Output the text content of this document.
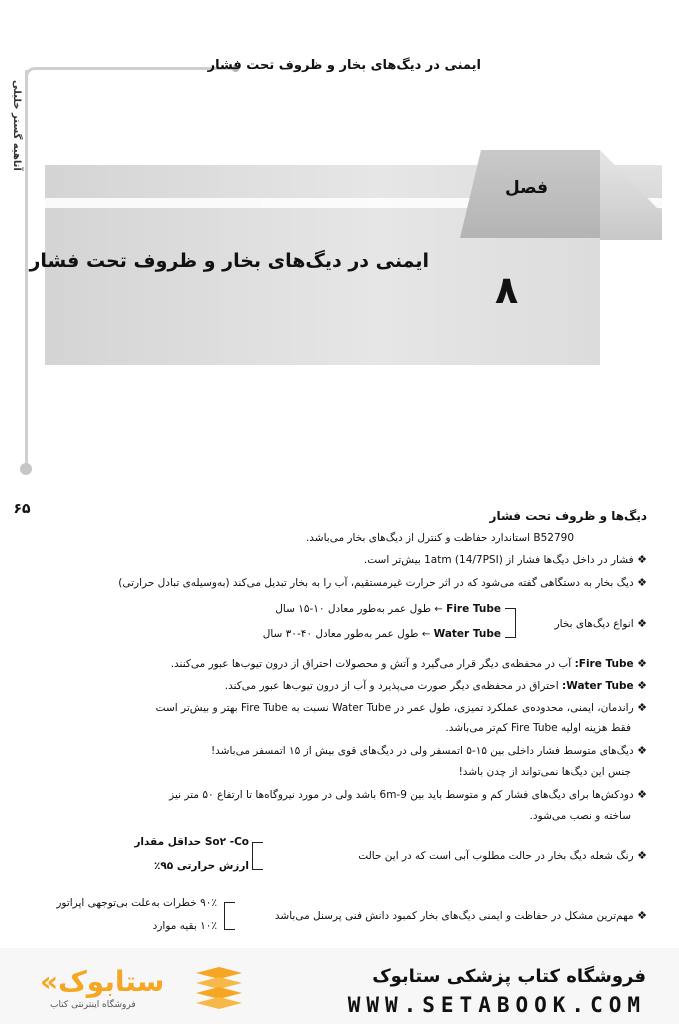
ایمنی در دیگ‌های بخار و ظروف تحت فشار
آتاهیه گستر خلیلی
فصل
۸
ایمنی در دیگ‌های بخار و ظروف تحت فشار
۶۵	دیگ‌ها و ظروف تحت فشار
B52790 استاندارد حفاظت و کنترل از دیگ‌های بخار می‌باشد.
❖ فشار در داخل دیگ‌ها فشار از 1atm (14/7PSI) بیش‌تر است.
❖ دیگ بخار به دستگاهی گفته می‌شود که در اثر حرارت غیرمستقیم، آب را به بخار تبدیل می‌کند (به‌وسیله‌ی تبادل حرارتی)
❖ انواع دیگ‌های بخار
Fire Tube ← طول عمر به‌طور معادل ۱۰-۱۵ سال
Water Tube ← طول عمر به‌طور معادل ۴۰-۳۰ سال
❖ Fire Tube: آب در محفظه‌ی دیگر قرار می‌گیرد و آتش و محصولات احتراق از درون تیوب‌ها عبور می‌کنند.
❖ Water Tube: احتراق در محفظه‌ی دیگر صورت می‌پذیرد و آب از درون تیوب‌ها عبور می‌کند.
❖ راندمان، ایمنی، محدوده‌ی عملکرد تمیزی، طول عمر در Water Tube نسبت به Fire Tube بهتر و بیش‌تر است
فقط هزینه اولیه Fire Tube کم‌تر می‌باشد.
❖ دیگ‌های متوسط فشار داخلی بین ۱۵-۵ اتمسفر ولی در دیگ‌های قوی بیش از ۱۵ اتمسفر می‌باشد!
جنس این دیگ‌ها نمی‌تواند از چدن باشد!
❖ دودکش‌ها برای دیگ‌های فشار کم و متوسط باید بین 6m-9 باشد ولی در مورد نیروگاه‌ها تا ارتفاع ۵۰ متر نیز
ساخته و نصب می‌شود.
❖ رنگ شعله دیگ بخار در حالت مطلوب آبی است که در این حالت
So۲ -Co حداقل مقدار
ارزش حرارتی ۹۵٪
❖ مهم‌ترین مشکل در حفاظت و ایمنی دیگ‌های بخار کمبود دانش فنی پرسنل می‌باشد
۹۰٪ خطرات به‌علت بی‌توجهی اپراتور
۱۰٪ بقیه موارد
فروشگاه کتاب پزشکی ستابوک
WWW.SETABOOK.COM
«ستابوک
فروشگاه اینترنتی کتاب
